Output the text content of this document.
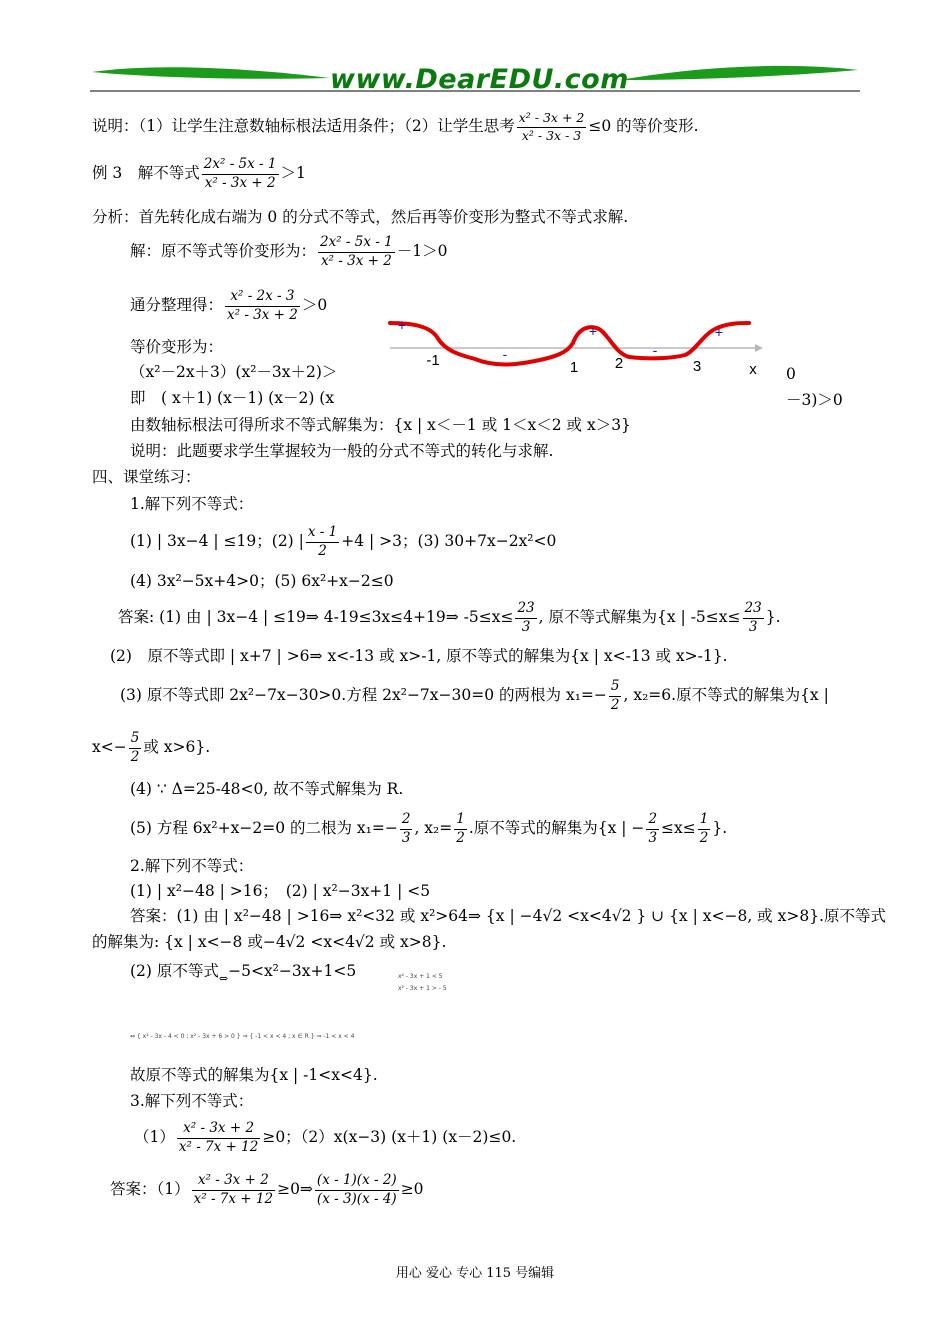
www.DearEDU.com
说明：（1）让学生注意数轴标根法适用条件；（2）让学生思考 $\frac{\text{x² - 3x + 2}}{\text{x² - 3x - 3}} \le 0$ 的等价变形.
例 3　解不等式 $\frac{\text{2x² - 5x - 1}}{\text{x² - 3x + 2}} >1$
分析：首先转化成右端为 0 的分式不等式，然后再等价变形为整式不等式求解.
解：原不等式等价变形为： $\frac{\text{2x² - 5x - 1}}{\text{x² - 3x + 2}} -1>0$
通分整理得： $\frac{\text{x² - 2x - 3}}{\text{x² - 3x + 2}} >0$
等价变形为：
（x²－2x＋3）(x²－3x＋2)＞	0
即　( x＋1) (x－1) (x－2) (x	－3)＞0
+
-
+
-
+
-1	1 2	3	x
由数轴标根法可得所求不等式解集为：{x | x＜－1 或 1＜x＜2 或 x＞3}
说明：此题要求学生掌握较为一般的分式不等式的转化与求解.
四、课堂练习：
1.解下列不等式：
(1) | 3x−4 | ≤19；(2) | $\frac{x - 1}{2} +4$ | >3；(3) 30+7x−2x²<0
(4) 3x²−5x+4>0；(5) 6x²+x−2≤0
答案: (1) 由 | 3x−4 | ≤19⇒ 4-19≤3x≤4+19⇒ $-5\le x\le \frac{23}{3}$ , 原不等式解集为{x | $-5\le x\le \frac{23}{3}$ }.
(2)　原不等式即 | x+7 | >6⇒ x<-13 或 x>-1, 原不等式的解集为{x | x<-13 或 x>-1}.
(3) 原不等式即 2x²−7x−30>0.方程 2x²−7x−30=0 的两根为 $x_1=- \frac{5}{2}$ , x₂=6.原不等式的解集为{x |
$x<- \frac{5}{2}$ 或 x>6}.
(4) ∵ Δ=25-48<0, 故不等式解集为 R.
(5) 方程 6x²+x−2=0 的二根为 $x_1=- \frac{2}{3}$ , $x_2= \frac{1}{2}$ .原不等式的解集为{x | − $\frac{2}{3} \le x\le \frac{1}{2}$ }.
2.解下列不等式：
(1) | x²−48 | >16；　(2) | x²−3x+1 | <5
答案：(1) 由 | x²−48 | >16⇒ x²<32 或 x²>64⇒ {x | −4√2 <x<4√2 } ∪ {x | x<−8, 或 x>8}.原不等式
的解集为: {x | x<−8 或−4√2 <x<4√2 或 x>8}.
(2) 原不等式$_\Leftrightarrow$−5<x²−3x+1<5	x² - 3x + 1 < 5
x² - 3x + 1 > - 5
⇔ { x² - 3x - 4 < 0 ; x² - 3x + 6 > 0 } ⇒ { -1 < x < 4 ; x ∈ R } ⇒ -1 < x < 4
故原不等式的解集为{x | -1<x<4}.
3.解下列不等式：
$(1) \frac{\text{x² - 3x + 2}}{\text{x² - 7x + 12}} \ge 0$；（2）x(x−3) (x＋1) (x－2)≤0.
答案：$(1) \frac{\text{x² - 3x + 2}}{\text{x² - 7x + 12}}$ ≥0⇒ $\frac{(x - 1)(x - 2)}{(x - 3)(x - 4)} \ge 0$
用心 爱心 专心 115 号编辑
